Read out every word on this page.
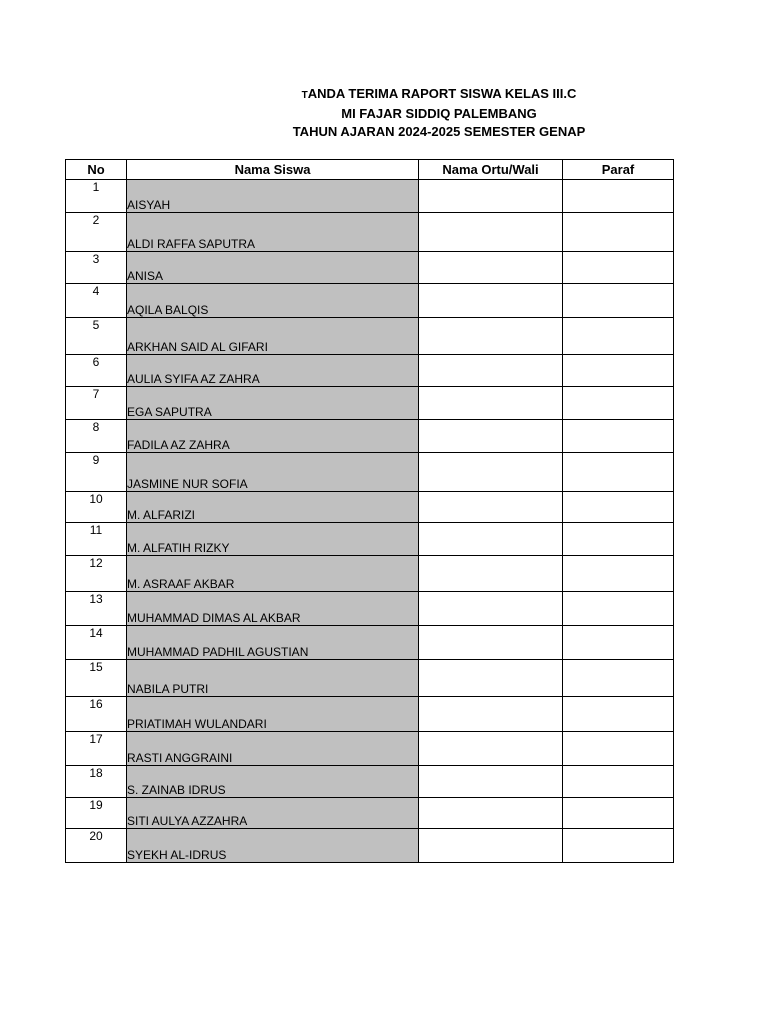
TANDA TERIMA RAPORT SISWA KELAS III.C
MI FAJAR SIDDIQ PALEMBANG
TAHUN AJARAN 2024-2025 SEMESTER GENAP
No	Nama Siswa	Nama Ortu/Wali	Paraf
1	AISYAH		
2	ALDI RAFFA SAPUTRA		
3	ANISA		
4	AQILA BALQIS		
5	ARKHAN SAID AL GIFARI		
6	AULIA SYIFA AZ ZAHRA		
7	EGA SAPUTRA		
8	FADILA AZ ZAHRA		
9	JASMINE NUR SOFIA		
10	M. ALFARIZI		
11	M. ALFATIH RIZKY		
12	M. ASRAAF AKBAR		
13	MUHAMMAD DIMAS AL AKBAR		
14	MUHAMMAD PADHIL AGUSTIAN		
15	NABILA PUTRI		
16	PRIATIMAH WULANDARI		
17	RASTI ANGGRAINI		
18	S. ZAINAB IDRUS		
19	SITI AULYA AZZAHRA		
20	SYEKH AL-IDRUS		
